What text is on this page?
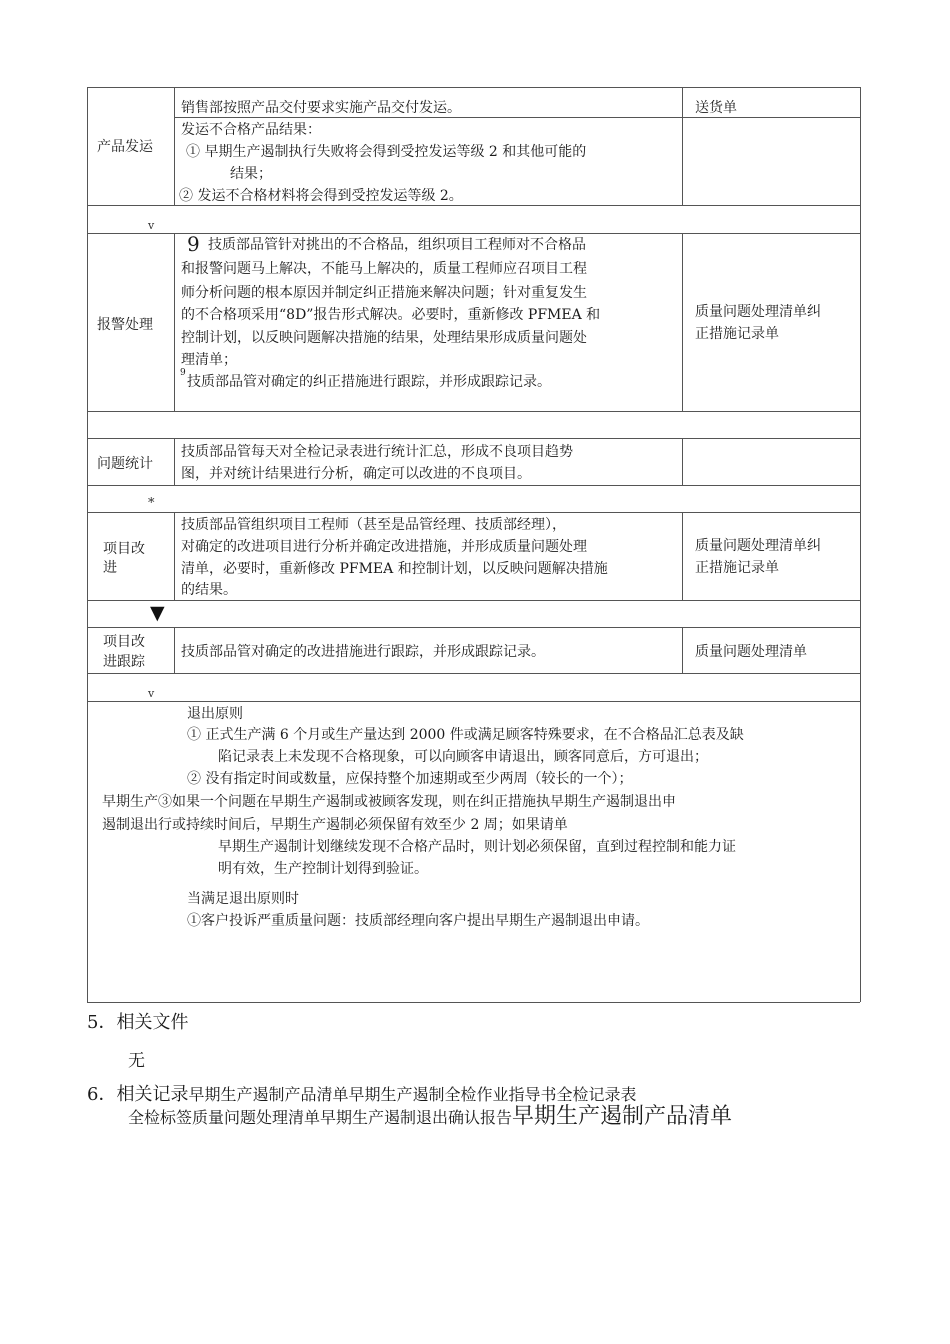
产品发运
销售部按照产品交付要求实施产品交付发运。	送货单
发运不合格产品结果：
① 早期生产遏制执行失败将会得到受控发运等级 2 和其他可能的
结果；
② 发运不合格材料将会得到受控发运等级 2。
v
报警处理
9 技质部品管针对挑出的不合格品，组织项目工程师对不合格品
和报警问题马上解决，不能马上解决的，质量工程师应召项目工程
师分析问题的根本原因并制定纠正措施来解决问题；针对重复发生
的不合格项采用“8D”报告形式解决。必要时，重新修改 PFMEA 和
控制计划，以反映问题解决措施的结果，处理结果形成质量问题处
理清单；
9
技质部品管对确定的纠正措施进行跟踪，并形成跟踪记录。
质量问题处理清单纠
正措施记录单
问题统计
技质部品管每天对全检记录表进行统计汇总，形成不良项目趋势
图，并对统计结果进行分析，确定可以改进的不良项目。
*
项目改
进
技质部品管组织项目工程师（甚至是品管经理、技质部经理），
对确定的改进项目进行分析并确定改进措施，并形成质量问题处理
清单，必要时，重新修改 PFMEA 和控制计划，以反映问题解决措施
的结果。
质量问题处理清单纠
正措施记录单
▼
项目改
进跟踪
技质部品管对确定的改进措施进行跟踪，并形成跟踪记录。	质量问题处理清单
v
退出原则
① 正式生产满 6 个月或生产量达到 2000 件或满足顾客特殊要求，在不合格品汇总表及缺
陷记录表上未发现不合格现象，可以向顾客申请退出，顾客同意后，方可退出；
② 没有指定时间或数量，应保持整个加速期或至少两周（较长的一个）；
早期生产③如果一个问题在早期生产遏制或被顾客发现，则在纠正措施执早期生产遏制退出申
遏制退出行或持续时间后，早期生产遏制必须保留有效至少 2 周；如果请单
早期生产遏制计划继续发现不合格产品时，则计划必须保留，直到过程控制和能力证
明有效，生产控制计划得到验证。
当满足退出原则时
①客户投诉严重质量问题：技质部经理向客户提出早期生产遏制退出申请。
5．相关文件
无
6．相关记录早期生产遏制产品清单早期生产遏制全检作业指导书全检记录表
全检标签质量问题处理清单早期生产遏制退出确认报告早期生产遏制产品清单
